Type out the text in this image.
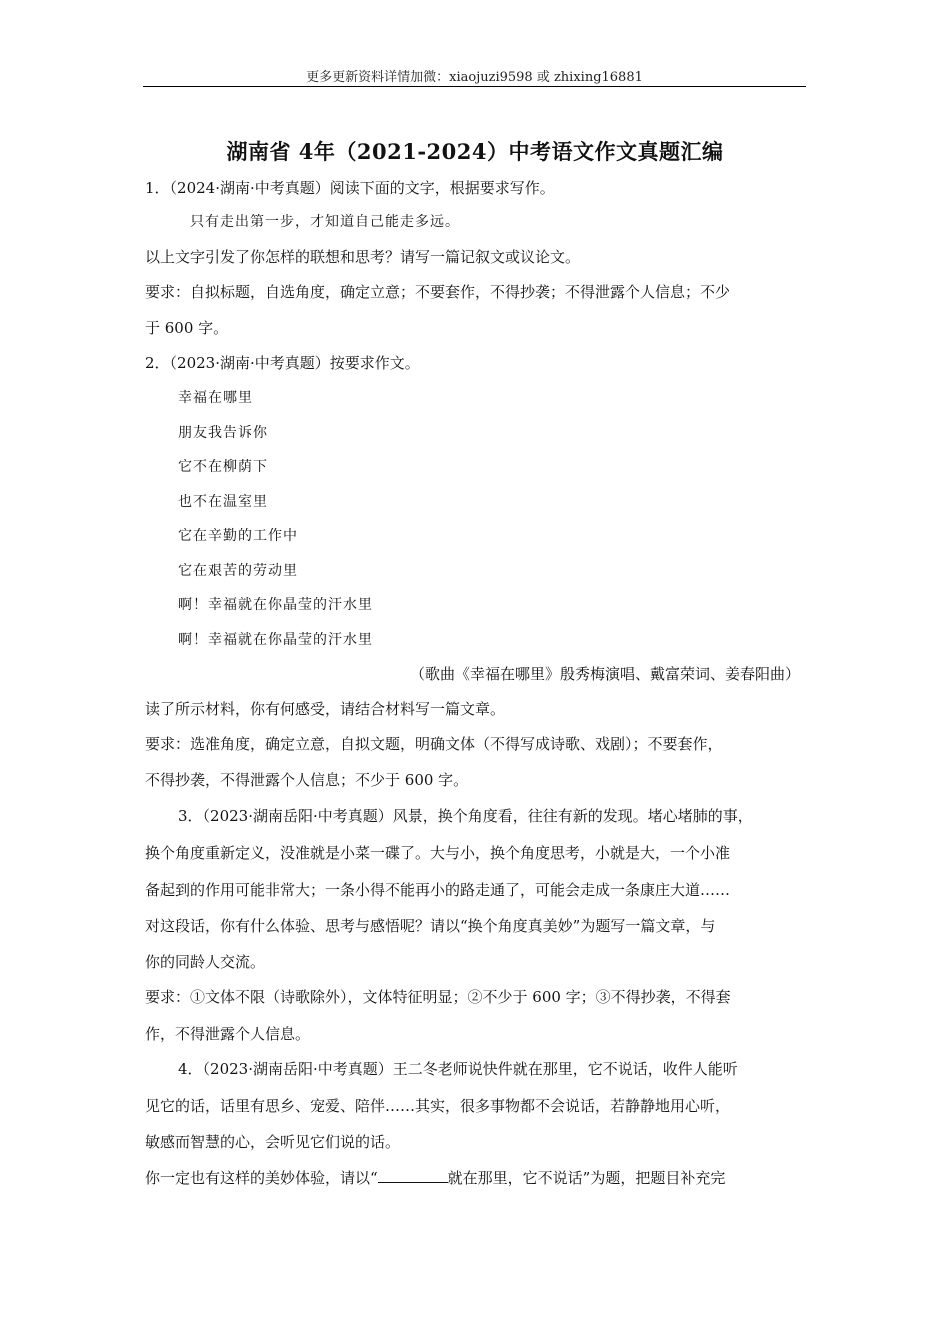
更多更新资料详情加微：xiaojuzi9598 或 zhixing16881
湖南省 4年（2021-2024）中考语文作文真题汇编
1．（2024·湖南·中考真题）阅读下面的文字，根据要求写作。
只有走出第一步，才知道自己能走多远。
以上文字引发了你怎样的联想和思考？请写一篇记叙文或议论文。
要求：自拟标题，自选角度，确定立意；不要套作，不得抄袭；不得泄露个人信息；不少
于 600 字。
2．（2023·湖南·中考真题）按要求作文。
幸福在哪里
朋友我告诉你
它不在柳荫下
也不在温室里
它在辛勤的工作中
它在艰苦的劳动里
啊！幸福就在你晶莹的汗水里
啊！幸福就在你晶莹的汗水里
（歌曲《幸福在哪里》殷秀梅演唱、戴富荣词、姜春阳曲）
读了所示材料，你有何感受，请结合材料写一篇文章。
要求：选准角度，确定立意，自拟文题，明确文体（不得写成诗歌、戏剧）；不要套作，
不得抄袭，不得泄露个人信息；不少于 600 字。
3．（2023·湖南岳阳·中考真题）风景，换个角度看，往往有新的发现。堵心堵肺的事，
换个角度重新定义，没准就是小菜一碟了。大与小，换个角度思考，小就是大，一个小准
备起到的作用可能非常大；一条小得不能再小的路走通了，可能会走成一条康庄大道……
对这段话，你有什么体验、思考与感悟呢？请以“换个角度真美妙”为题写一篇文章，与
你的同龄人交流。
要求：①文体不限（诗歌除外），文体特征明显；②不少于 600 字；③不得抄袭，不得套
作，不得泄露个人信息。
4．（2023·湖南岳阳·中考真题）王二冬老师说快件就在那里，它不说话，收件人能听
见它的话，话里有思乡、宠爱、陪伴……其实，很多事物都不会说话，若静静地用心听，
敏感而智慧的心，会听见它们说的话。
你一定也有这样的美妙体验，请以“	就在那里，它不说话”为题，把题目补充完
